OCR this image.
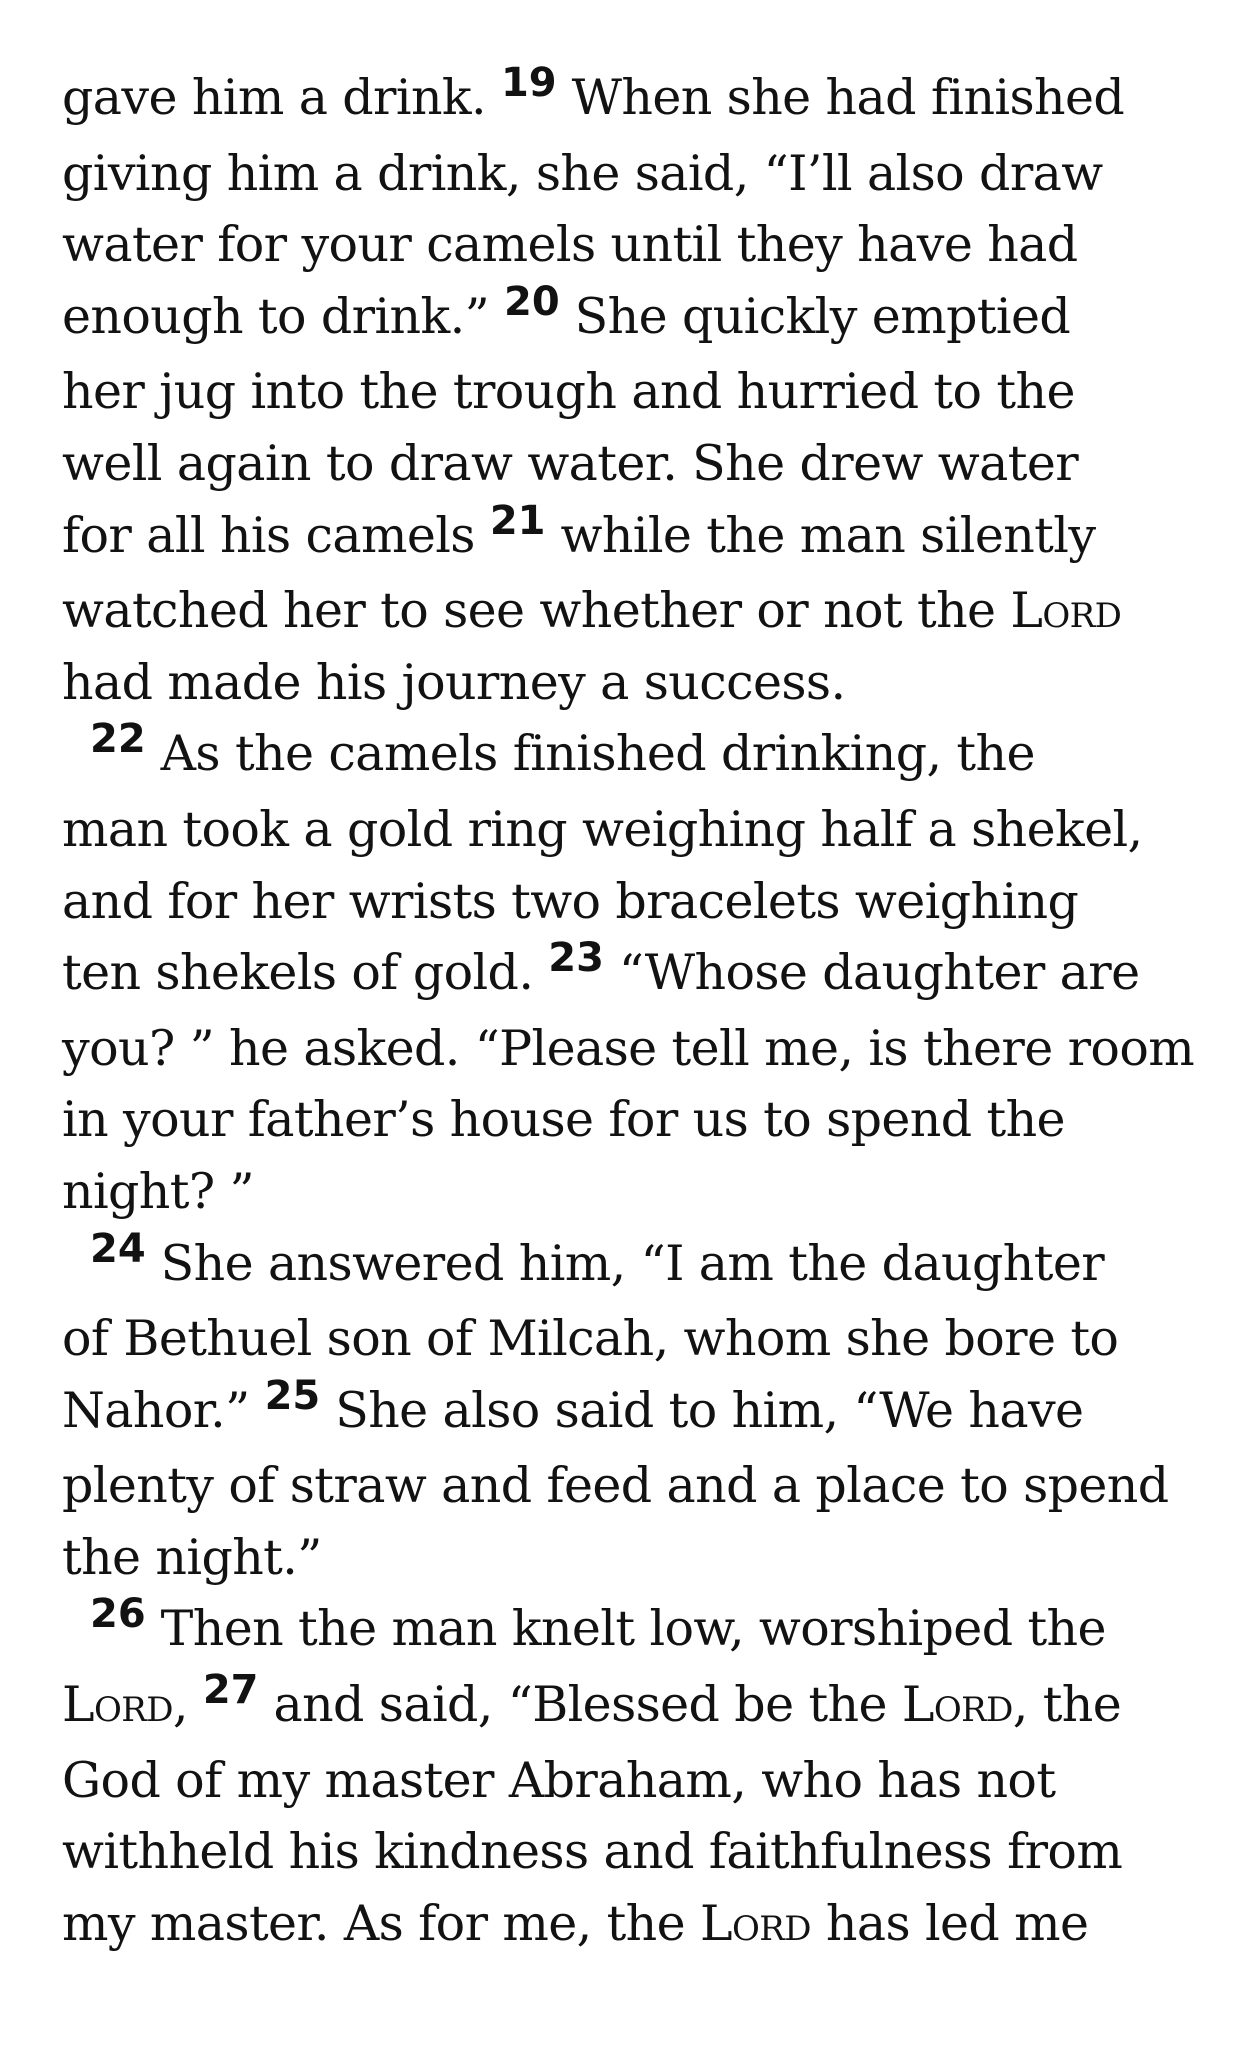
gave him a drink. $^{19}$ When she had finished
giving him a drink, she said, “I’ll also draw
water for your camels until they have had
enough to drink.” $^{20}$ She quickly emptied
her jug into the trough and hurried to the
well again to draw water. She drew water
for all his camels $^{21}$ while the man silently
watched her to see whether or not the Lord
had made his journey a success.

22 As the camels finished drinking, the
man took a gold ring weighing half a shekel,
and for her wrists two bracelets weighing
ten shekels of gold. $^{23}$ “Whose daughter are
you? ” he asked. “Please tell me, is there room
in your father’s house for us to spend the
night? ”

24 She answered him, “I am the daughter
of Bethuel son of Milcah, whom she bore to
Nahor.” $^{25}$ She also said to him, “We have
plenty of straw and feed and a place to spend
the night.”

26 Then the man knelt low, worshiped the
Lord, $^{27}$ and said, “Blessed be the Lord, the
God of my master Abraham, who has not
withheld his kindness and faithfulness from
my master. As for me, the Lord has led me
